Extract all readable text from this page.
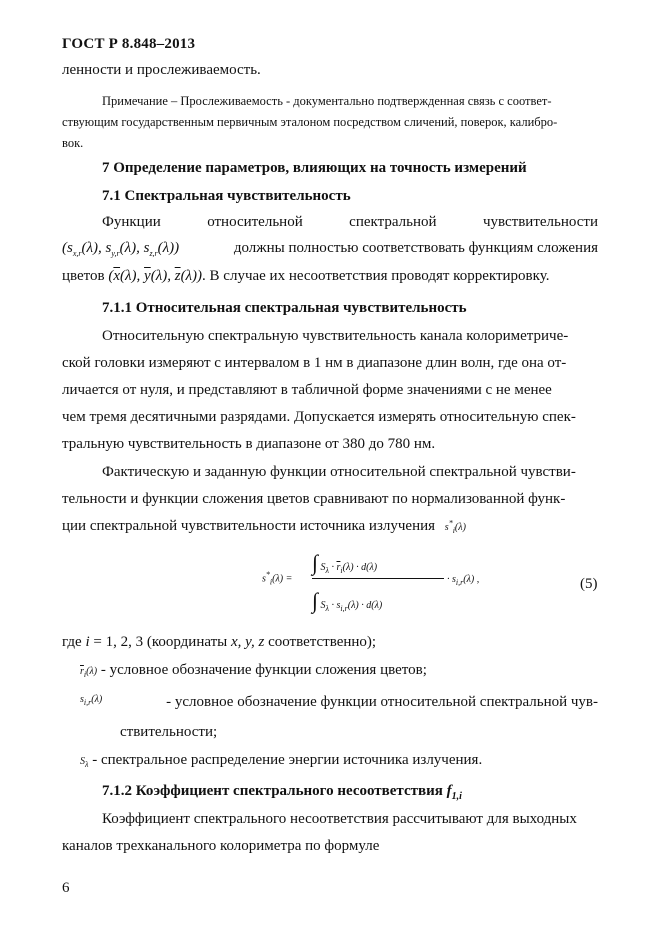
ГОСТ Р 8.848–2013
ленности и прослеживаемость.
Примечание – Прослеживаемость - документально подтвержденная связь с соответ-
ствующим государственным первичным эталоном посредством сличений, поверок, калибро-
вок.
7 Определение параметров, влияющих на точность измерений
7.1 Спектральная чувствительность
Функции	относительной	спектральной	чувствительности
($s_{x,r}(\lambda)$, $s_{y,r}(\lambda)$, $s_{z,r}(\lambda)$)	должны полностью соответствовать функциям сложения
цветов ($\overline{x}(\lambda)$, $\overline{y}(\lambda)$, $\overline{z}(\lambda)$). В случае их несоответствия проводят корректировку.
7.1.1 Относительная спектральная чувствительность
Относительную спектральную чувствительность канала колориметриче-
ской головки измеряют с интервалом в 1 нм в диапазоне длин волн, где она от-
личается от нуля, и представляют в табличной форме значениями с не менее
чем тремя десятичными разрядами. Допускается измерять относительную спек-
тральную чувствительность в диапазоне от 380 до 780 нм.
Фактическую и заданную функции относительной спектральной чувстви-
тельности и функции сложения цветов сравнивают по нормализованной функ-
ции спектральной чувствительности источника излучения $s^*_i(\lambda)$
$s^*_i(\lambda)$ =
∫ $S_\lambda \cdot \overline{r}_i(\lambda) \cdot d(\lambda)$
∫ $S_\lambda \cdot s_{i,r}(\lambda) \cdot d(\lambda)$
· $s_{i,r}(\lambda)$ ,	(5)
где i = 1, 2, 3 (координаты x, y, z соответственно);
$\overline{r}_i(\lambda)$ - условное обозначение функции сложения цветов;
$s_{i,r}(\lambda)$	- условное обозначение функции относительной спектральной чув-
ствительности;
$S_\lambda$ - спектральное распределение энергии источника излучения.
7.1.2 Коэффициент спектрального несоответствия $f_{1,i}$
Коэффициент спектрального несоответствия рассчитывают для выходных
каналов трехканального колориметра по формуле
6
